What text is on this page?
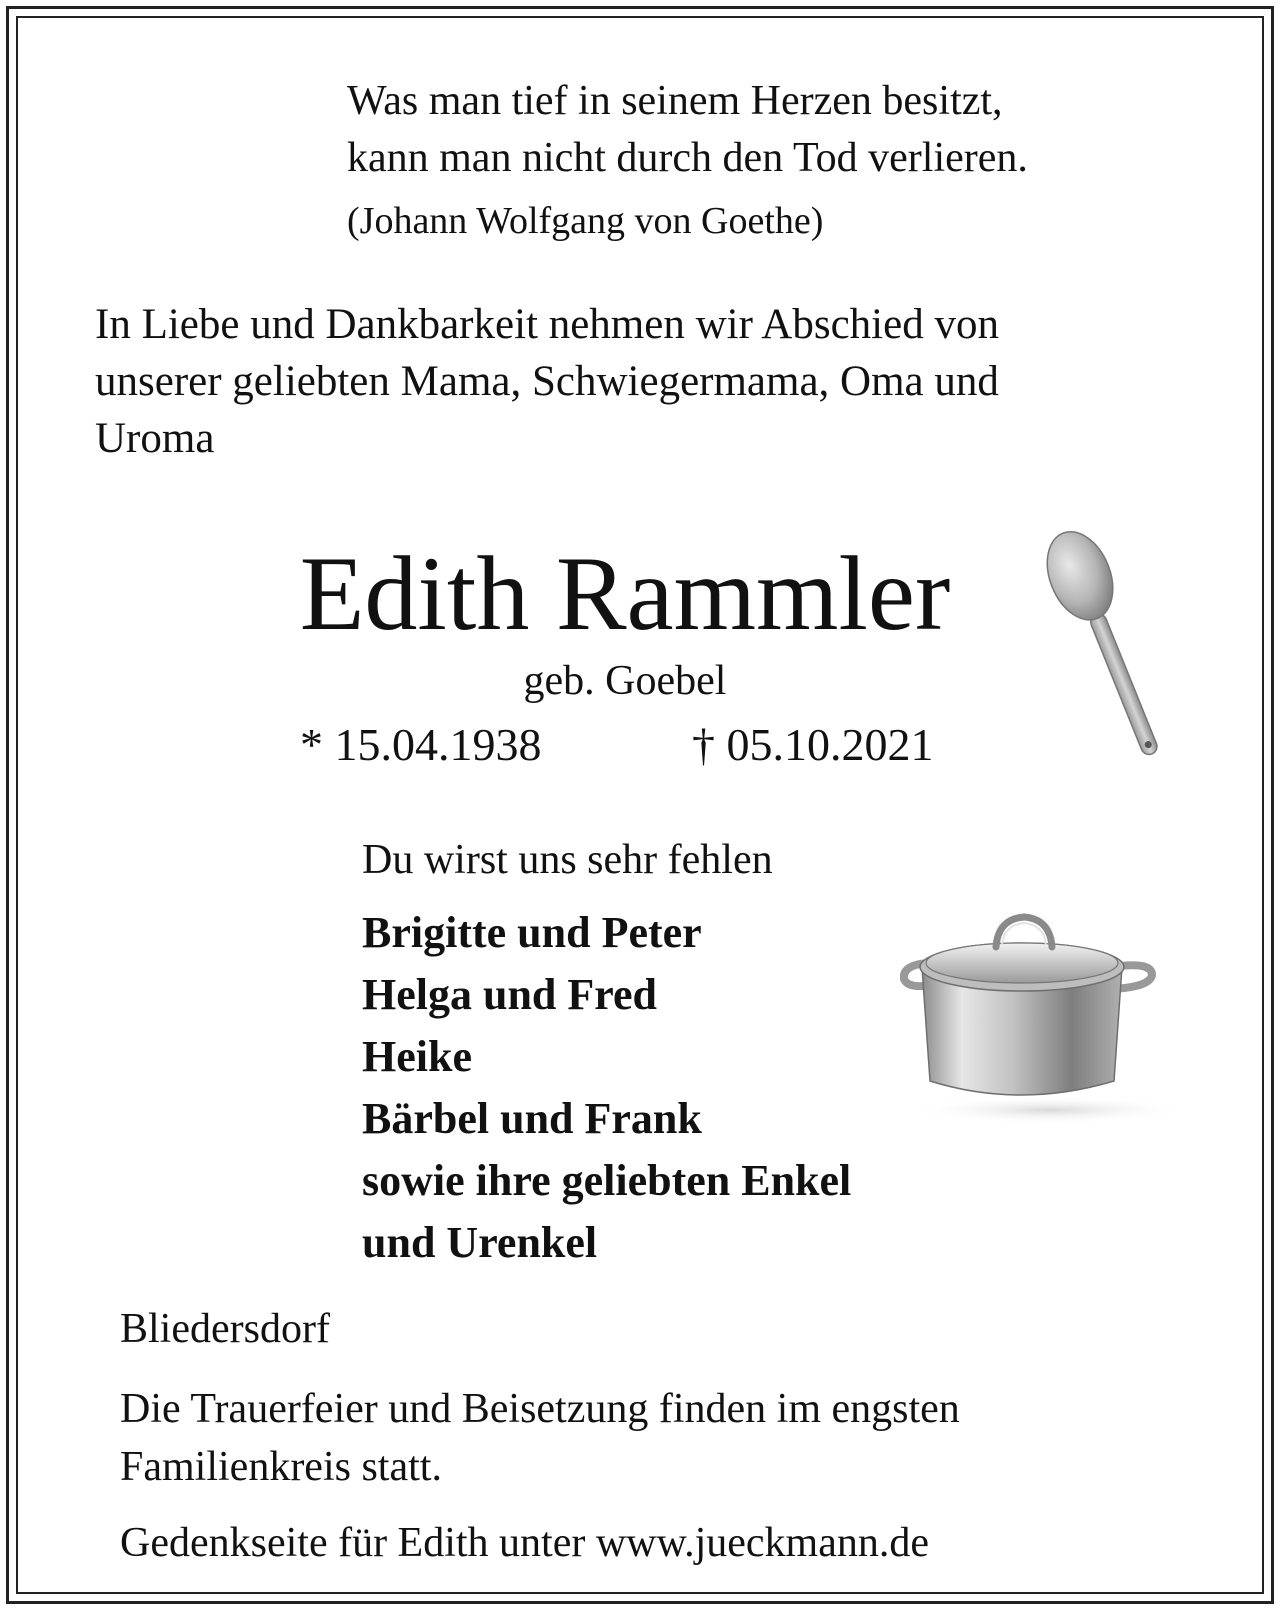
Was man tief in seinem Herzen besitzt,
kann man nicht durch den Tod verlieren.
(Johann Wolfgang von Goethe)
In Liebe und Dankbarkeit nehmen wir Abschied von
unserer geliebten Mama, Schwiegermama, Oma und
Uroma
Edith Rammler
geb. Goebel
* 15.04.1938	† 05.10.2021
Du wirst uns sehr fehlen
Brigitte und Peter
Helga und Fred
Heike
Bärbel und Frank
sowie ihre geliebten Enkel
und Urenkel
Bliedersdorf
Die Trauerfeier und Beisetzung finden im engsten
Familienkreis statt.
Gedenkseite für Edith unter www.jueckmann.de
